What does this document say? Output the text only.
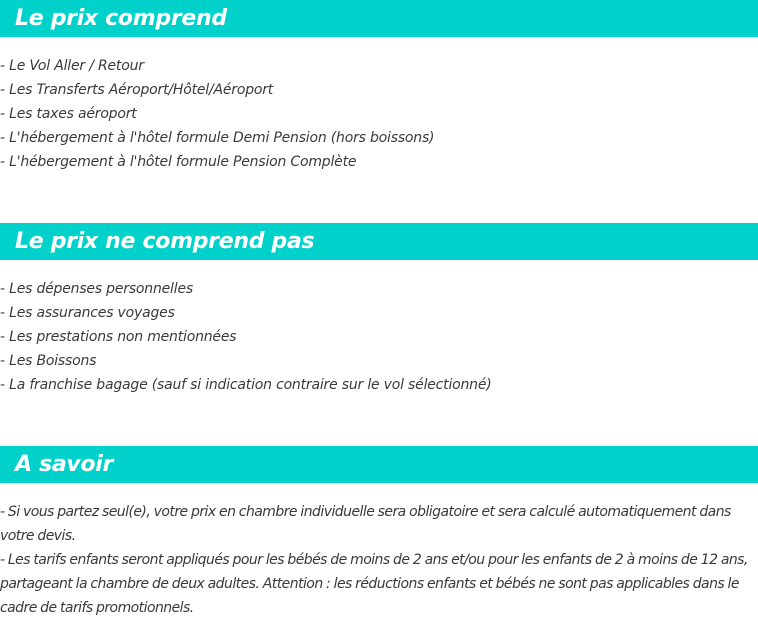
Le prix comprend
- Le Vol Aller / Retour
- Les Transferts Aéroport/Hôtel/Aéroport
- Les taxes aéroport
- L'hébergement à l'hôtel formule Demi Pension (hors boissons)
- L'hébergement à l'hôtel formule Pension Complète
Le prix ne comprend pas
- Les dépenses personnelles
- Les assurances voyages
- Les prestations non mentionnées
- Les Boissons
- La franchise bagage (sauf si indication contraire sur le vol sélectionné)
A savoir

- Si vous partez seul(e), votre prix en chambre individuelle sera obligatoire et sera calculé automatiquement dans votre devis.

- Les tarifs enfants seront appliqués pour les bébés de moins de 2 ans et/ou pour les enfants de 2 à moins de 12 ans, partageant la chambre de deux adultes. Attention : les réductions enfants et bébés ne sont pas applicables dans le cadre de tarifs promotionnels.
